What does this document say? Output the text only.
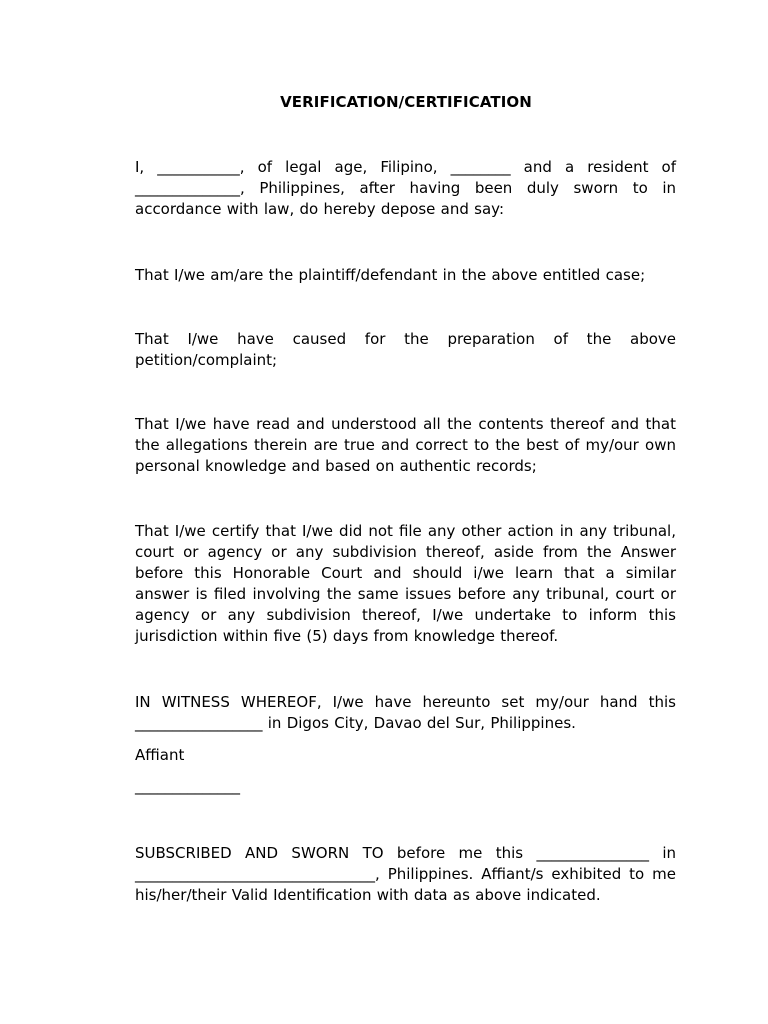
VERIFICATION/CERTIFICATION

I, ___________, of legal age, Filipino, ________ and a resident of ______________, Philippines, after having been duly sworn to in accordance with law, do hereby depose and say:

That I/we am/are the plaintiff/defendant in the above entitled case;

That I/we have caused for the preparation of the above petition/complaint;

That I/we have read and understood all the contents thereof and that the allegations therein are true and correct to the best of my/our own personal knowledge and based on authentic records;

That I/we certify that I/we did not file any other action in any tribunal, court or agency or any subdivision thereof, aside from the Answer before this Honorable Court and should i/we learn that a similar answer is filed involving the same issues before any tribunal, court or agency or any subdivision thereof, I/we undertake to inform this jurisdiction within five (5) days from knowledge thereof.

IN WITNESS WHEREOF, I/we have hereunto set my/our hand this _________________ in Digos City, Davao del Sur, Philippines.

Affiant

______________

SUBSCRIBED AND SWORN TO before me this _______________ in ________________________________, Philippines. Affiant/s exhibited to me his/her/their Valid Identification with data as above indicated.
